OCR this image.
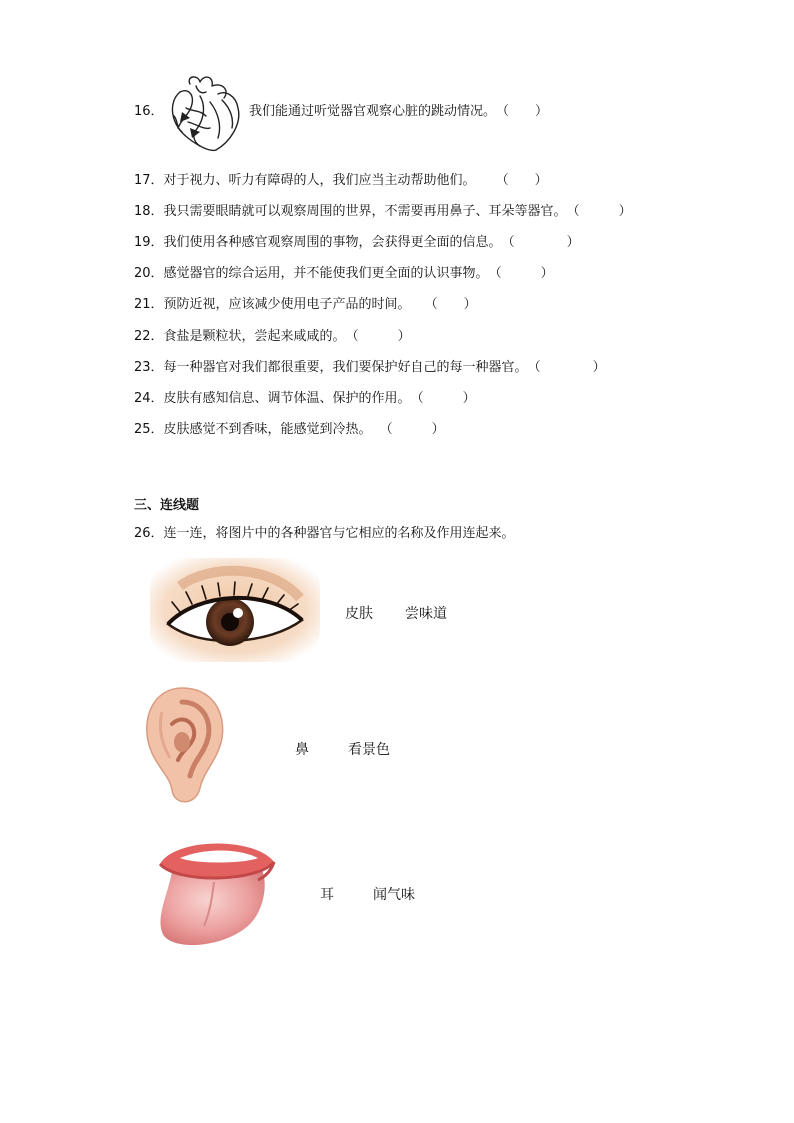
16．	我们能通过听觉器官观察心脏的跳动情况。（　　）
17．对于视力、听力有障碍的人，我们应当主动帮助他们。 （　　）
18．我只需要眼睛就可以观察周围的世界，不需要再用鼻子、耳朵等器官。（　　　）
19．我们使用各种感官观察周围的事物，会获得更全面的信息。（　　　　）
20．感觉器官的综合运用，并不能使我们更全面的认识事物。（　　　）
21．预防近视，应该减少使用电子产品的时间。 （　　）
22．食盐是颗粒状，尝起来咸咸的。（　　　）
23．每一种器官对我们都很重要，我们要保护好自己的每一种器官。（　　　　）
24．皮肤有感知信息、调节体温、保护的作用。（　　　）
25．皮肤感觉不到香味，能感觉到冷热。 （　　　）
三、连线题
26．连一连，将图片中的各种器官与它相应的名称及作用连起来。
皮肤 尝味道
鼻	看景色
耳	闻气味
